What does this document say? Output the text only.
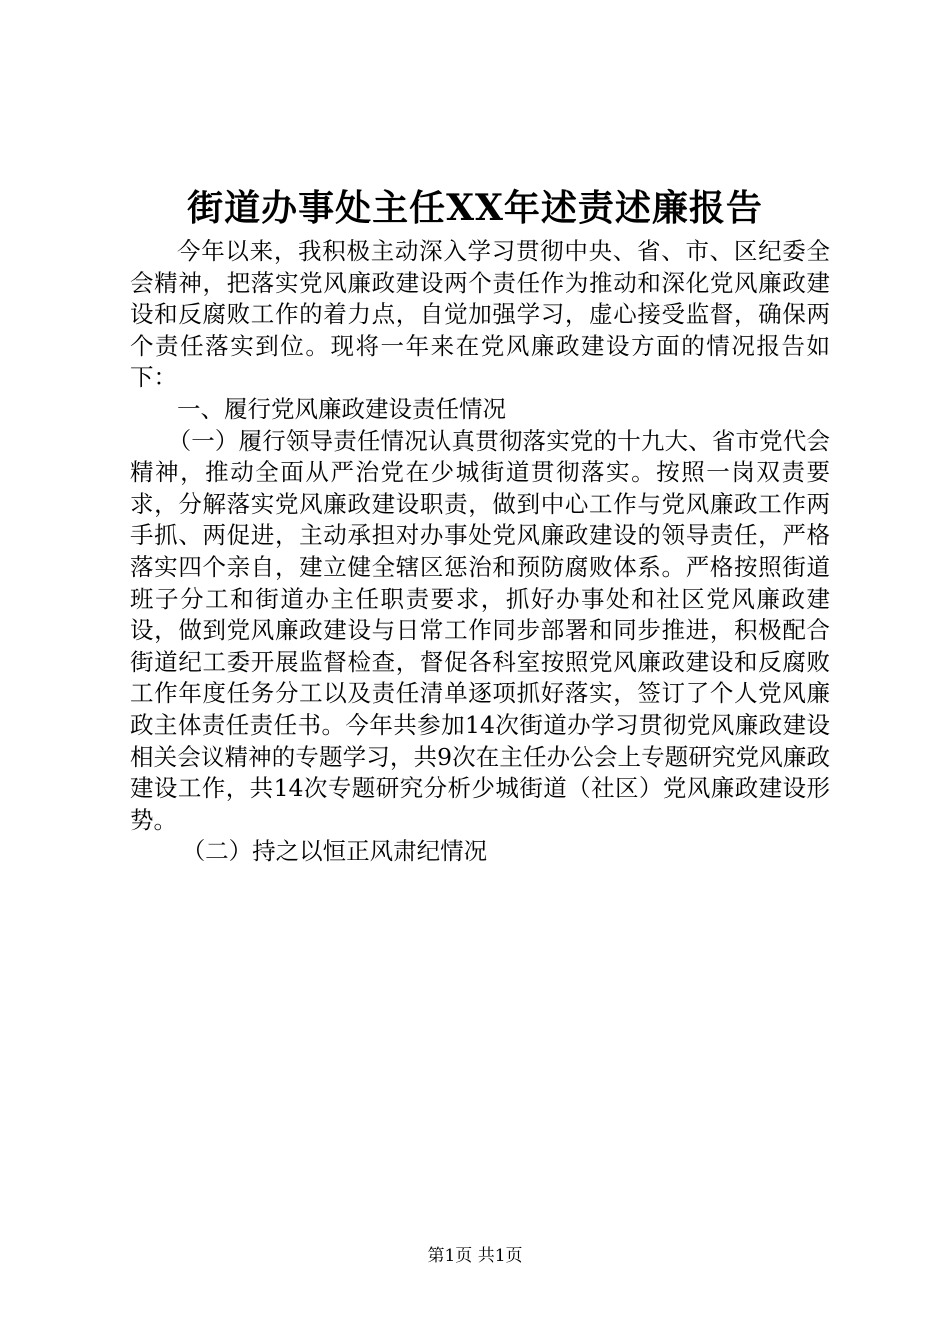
街道办事处主任XX年述责述廉报告

今年以来，我积极主动深入学习贯彻中央、省、市、区纪委全会精神，把落实党风廉政建设两个责任作为推动和深化党风廉政建设和反腐败工作的着力点，自觉加强学习，虚心接受监督，确保两个责任落实到位。现将一年来在党风廉政建设方面的情况报告如下：

一、履行党风廉政建设责任情况

（一）履行领导责任情况认真贯彻落实党的十九大、省市党代会精神，推动全面从严治党在少城街道贯彻落实。按照一岗双责要求，分解落实党风廉政建设职责，做到中心工作与党风廉政工作两手抓、两促进，主动承担对办事处党风廉政建设的领导责任，严格落实四个亲自，建立健全辖区惩治和预防腐败体系。严格按照街道班子分工和街道办主任职责要求，抓好办事处和社区党风廉政建设，做到党风廉政建设与日常工作同步部署和同步推进，积极配合街道纪工委开展监督检查，督促各科室按照党风廉政建设和反腐败工作年度任务分工以及责任清单逐项抓好落实，签订了个人党风廉政主体责任责任书。今年共参加14次街道办学习贯彻党风廉政建设相关会议精神的专题学习，共9次在主任办公会上专题研究党风廉政建设工作，共14次专题研究分析少城街道（社区）党风廉政建设形势。

（二）持之以恒正风肃纪情况

第1页 共1页
